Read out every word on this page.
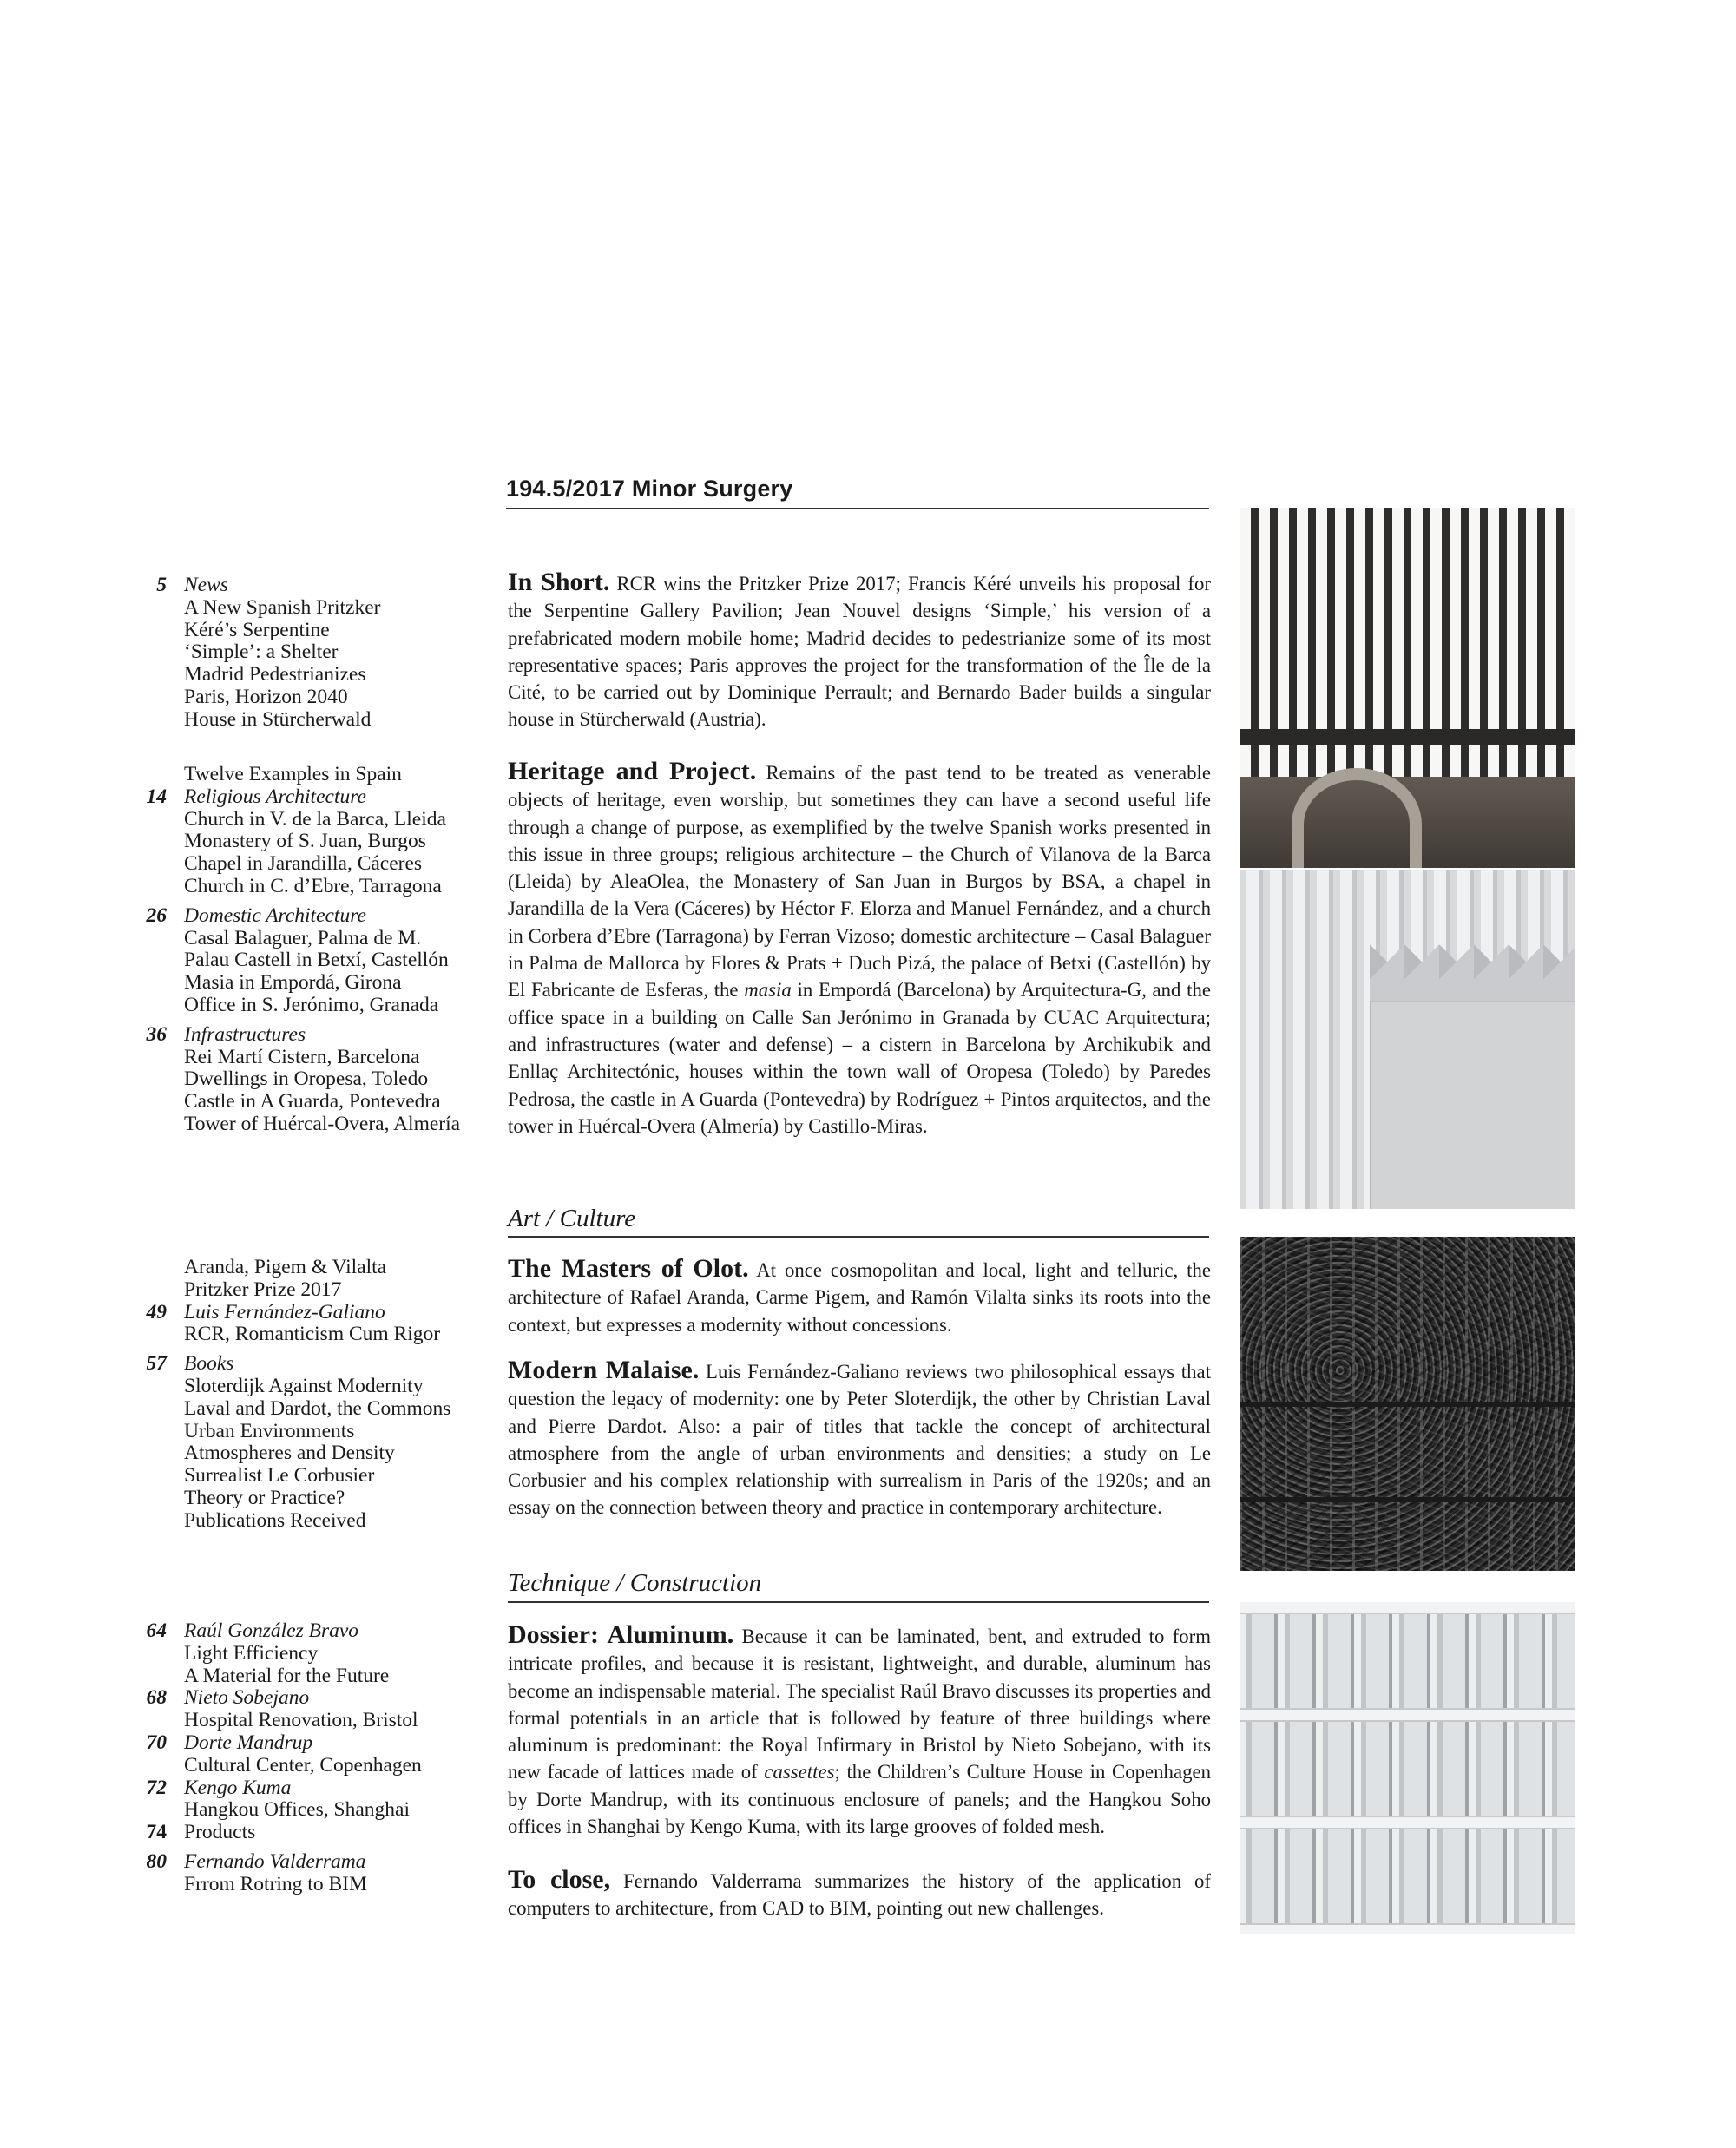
194.5/2017 Minor Surgery
5 News
A New Spanish Pritzker
Kéré’s Serpentine
‘Simple’: a Shelter
Madrid Pedestrianizes
Paris, Horizon 2040
House in Stürcherwald
Twelve Examples in Spain
14 Religious Architecture
Church in V. de la Barca, Lleida
Monastery of S. Juan, Burgos
Chapel in Jarandilla, Cáceres
Church in C. d’Ebre, Tarragona
26 Domestic Architecture
Casal Balaguer, Palma de M.
Palau Castell in Betxí, Castellón
Masia in Empordá, Girona
Office in S. Jerónimo, Granada
36 Infrastructures
Rei Martí Cistern, Barcelona
Dwellings in Oropesa, Toledo
Castle in A Guarda, Pontevedra
Tower of Huércal-Overa, Almería
Aranda, Pigem & Vilalta
Pritzker Prize 2017
49 Luis Fernández-Galiano
RCR, Romanticism Cum Rigor
57 Books
Sloterdijk Against Modernity
Laval and Dardot, the Commons
Urban Environments
Atmospheres and Density
Surrealist Le Corbusier
Theory or Practice?
Publications Received
64 Raúl González Bravo
Light Efficiency
A Material for the Future
68 Nieto Sobejano
Hospital Renovation, Bristol
70 Dorte Mandrup
Cultural Center, Copenhagen
72 Kengo Kuma
Hangkou Offices, Shanghai
74 Products
80 Fernando Valderrama
Frrom Rotring to BIM
In Short. RCR wins the Pritzker Prize 2017; Francis Kéré unveils his proposal for the Serpentine Gallery Pavilion; Jean Nouvel designs ‘Simple,’ his version of a prefabricated modern mobile home; Madrid decides to pedestrianize some of its most representative spaces; Paris approves the project for the transformation of the Île de la Cité, to be carried out by Dominique Perrault; and Bernardo Bader builds a singular house in Stürcherwald (Austria).
Heritage and Project. Remains of the past tend to be treated as venerable objects of heritage, even worship, but sometimes they can have a second useful life through a change of purpose, as exemplified by the twelve Spanish works presented in this issue in three groups; religious architecture – the Church of Vilanova de la Barca (Lleida) by AleaOlea, the Monastery of San Juan in Burgos by BSA, a chapel in Jarandilla de la Vera (Cáceres) by Héctor F. Elorza and Manuel Fernández, and a church in Corbera d’Ebre (Tarragona) by Ferran Vizoso; domestic architecture – Casal Balaguer in Palma de Mallorca by Flores & Prats + Duch Pizá, the palace of Betxi (Castellón) by El Fabricante de Esferas, the masia in Empordá (Barcelona) by Arquitectura-G, and the office space in a building on Calle San Jerónimo in Granada by CUAC Arquitectura; and infrastructures (water and defense) – a cistern in Barcelona by Archikubik and Enllaç Architectónic, houses within the town wall of Oropesa (Toledo) by Paredes Pedrosa, the castle in A Guarda (Pontevedra) by Rodríguez + Pintos arquitectos, and the tower in Huércal-Overa (Almería) by Castillo-Miras.
Art / Culture
The Masters of Olot. At once cosmopolitan and local, light and telluric, the architecture of Rafael Aranda, Carme Pigem, and Ramón Vilalta sinks its roots into the context, but expresses a modernity without concessions.
Modern Malaise. Luis Fernández-Galiano reviews two philosophical essays that question the legacy of modernity: one by Peter Sloterdijk, the other by Christian Laval and Pierre Dardot. Also: a pair of titles that tackle the concept of architectural atmosphere from the angle of urban environments and densities; a study on Le Corbusier and his complex relationship with surrealism in Paris of the 1920s; and an essay on the connection between theory and practice in contemporary architecture.
Technique / Construction
Dossier: Aluminum. Because it can be laminated, bent, and extruded to form intricate profiles, and because it is resistant, lightweight, and durable, aluminum has become an indispensable material. The specialist Raúl Bravo discusses its properties and formal potentials in an article that is followed by feature of three buildings where aluminum is predominant: the Royal Infirmary in Bristol by Nieto Sobejano, with its new facade of lattices made of cassettes; the Children’s Culture House in Copenhagen by Dorte Mandrup, with its continuous enclosure of panels; and the Hangkou Soho offices in Shanghai by Kengo Kuma, with its large grooves of folded mesh.
To close, Fernando Valderrama summarizes the history of the application of computers to architecture, from CAD to BIM, pointing out new challenges.
